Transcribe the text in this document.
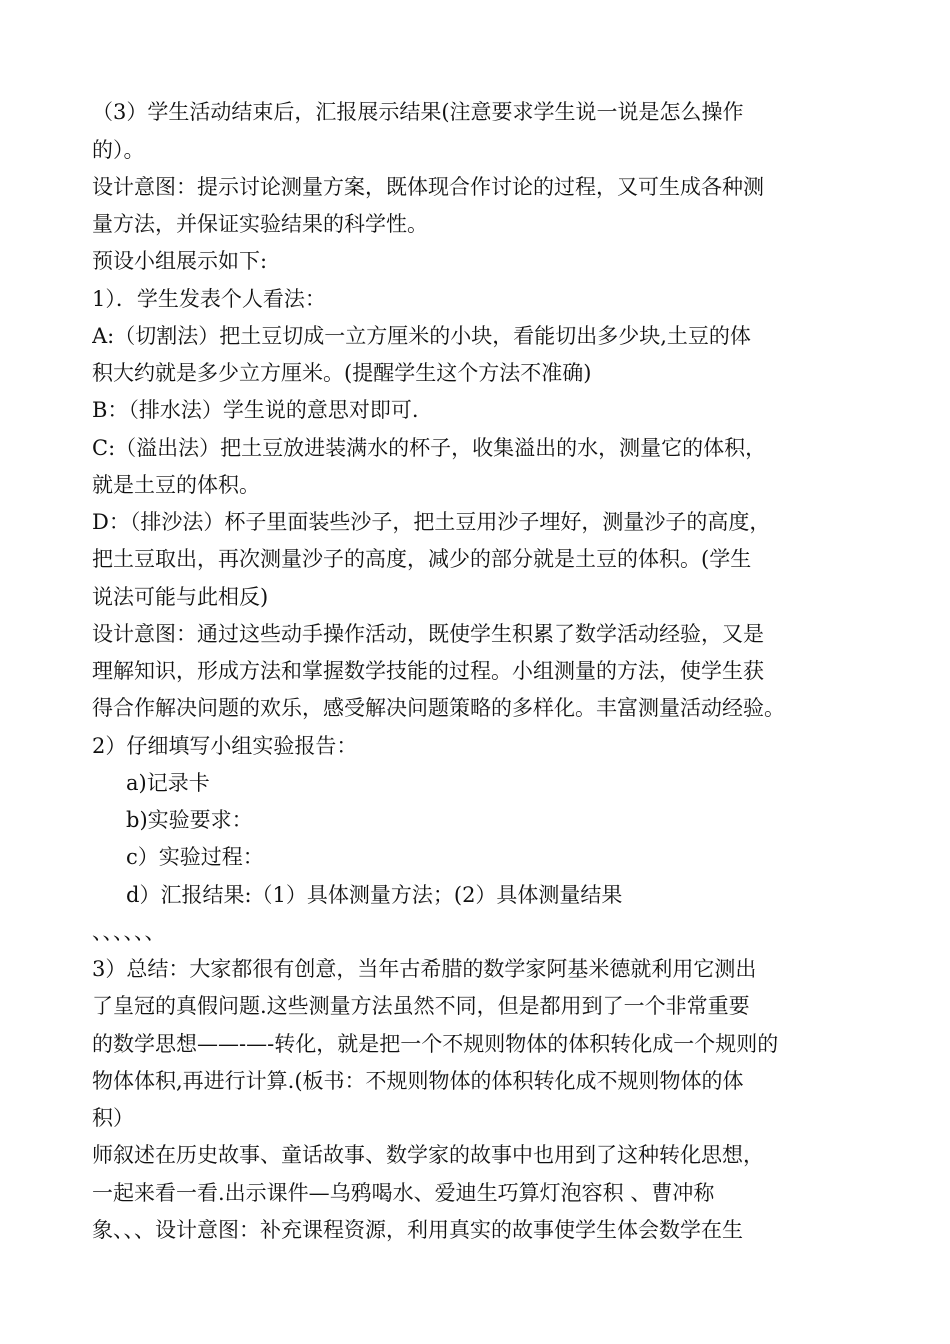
（3）学生活动结束后，汇报展示结果(注意要求学生说一说是怎么操作
的）。
设计意图：提示讨论测量方案，既体现合作讨论的过程，又可生成各种测
量方法，并保证实验结果的科学性。
预设小组展示如下:
1）．学生发表个人看法：
A:（切割法）把土豆切成一立方厘米的小块，看能切出多少块,土豆的体
积大约就是多少立方厘米。(提醒学生这个方法不准确)
B：（排水法）学生说的意思对即可.
C:（溢出法）把土豆放进装满水的杯子，收集溢出的水，测量它的体积，
就是土豆的体积。
D：（排沙法）杯子里面装些沙子，把土豆用沙子埋好，测量沙子的高度，
把土豆取出，再次测量沙子的高度，减少的部分就是土豆的体积。(学生
说法可能与此相反)
设计意图：通过这些动手操作活动，既使学生积累了数学活动经验，又是
理解知识，形成方法和掌握数学技能的过程。小组测量的方法，使学生获
得合作解决问题的欢乐，感受解决问题策略的多样化。丰富测量活动经验。
2）仔细填写小组实验报告：
a)记录卡
b)实验要求：
c）实验过程：
d）汇报结果:（1）具体测量方法；(2）具体测量结果
、、、、、、
3）总结：大家都很有创意，当年古希腊的数学家阿基米德就利用它测出
了皇冠的真假问题.这些测量方法虽然不同，但是都用到了一个非常重要
的数学思想——-—-转化，就是把一个不规则物体的体积转化成一个规则的
物体体积,再进行计算.(板书：不规则物体的体积转化成不规则物体的体
积）
师叙述在历史故事、童话故事、数学家的故事中也用到了这种转化思想，
一起来看一看.出示课件—乌鸦喝水、爱迪生巧算灯泡容积 、曹冲称
象、、、设计意图：补充课程资源，利用真实的故事使学生体会数学在生
